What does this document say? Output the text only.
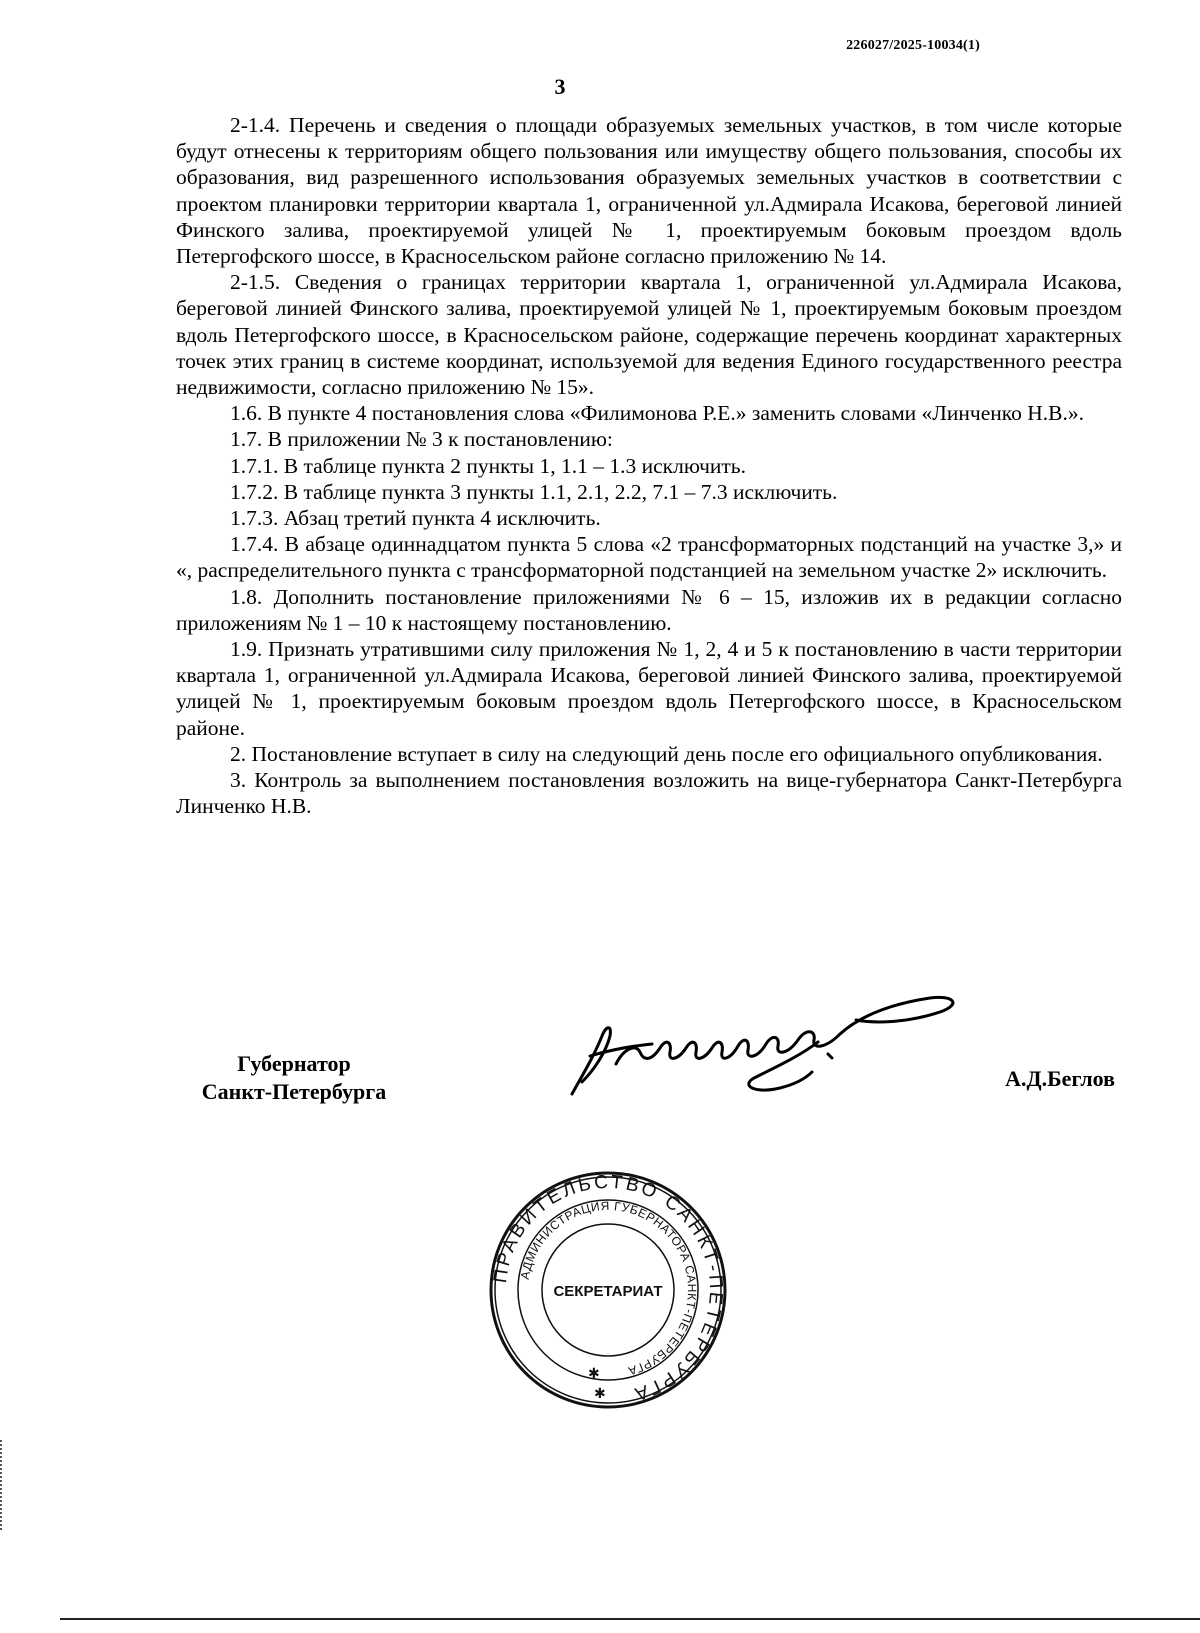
226027/2025-10034(1)
3

2-1.4. Перечень и сведения о площади образуемых земельных участков, в том числе которые будут отнесены к территориям общего пользования или имуществу общего пользования, способы их образования, вид разрешенного использования образуемых земельных участков в соответствии с проектом планировки территории квартала 1, ограниченной ул.Адмирала Исакова, береговой линией Финского залива, проектируемой улицей № 1, проектируемым боковым проездом вдоль Петергофского шоссе, в Красносельском районе согласно приложению № 14.

2-1.5. Сведения о границах территории квартала 1, ограниченной ул.Адмирала Исакова, береговой линией Финского залива, проектируемой улицей № 1, проектируемым боковым проездом вдоль Петергофского шоссе, в Красносельском районе, содержащие перечень координат характерных точек этих границ в системе координат, используемой для ведения Единого государственного реестра недвижимости, согласно приложению № 15».

1.6. В пункте 4 постановления слова «Филимонова Р.Е.» заменить словами «Линченко Н.В.».

1.7. В приложении № 3 к постановлению:

1.7.1. В таблице пункта 2 пункты 1, 1.1 – 1.3 исключить.

1.7.2. В таблице пункта 3 пункты 1.1, 2.1, 2.2, 7.1 – 7.3 исключить.

1.7.3. Абзац третий пункта 4 исключить.

1.7.4. В абзаце одиннадцатом пункта 5 слова «2 трансформаторных подстанций на участке 3,» и «, распределительного пункта с трансформаторной подстанцией на земельном участке 2» исключить.

1.8. Дополнить постановление приложениями № 6 – 15, изложив их в редакции согласно приложениям № 1 – 10 к настоящему постановлению.

1.9. Признать утратившими силу приложения № 1, 2, 4 и 5 к постановлению в части территории квартала 1, ограниченной ул.Адмирала Исакова, береговой линией Финского залива, проектируемой улицей № 1, проектируемым боковым проездом вдоль Петергофского шоссе, в Красносельском районе.

2. Постановление вступает в силу на следующий день после его официального опубликования.

3. Контроль за выполнением постановления возложить на вице-губернатора Санкт-Петербурга Линченко Н.В.

Губернатор
Санкт-Петербурга
А.Д.Беглов
ПРАВИТЕЛЬСТВО САНКТ-ПЕТЕРБУРГА
АДМИНИСТРАЦИЯ ГУБЕРНАТОРА САНКТ-ПЕТЕРБУРГА
СЕКРЕТАРИАТ
✱
✱
